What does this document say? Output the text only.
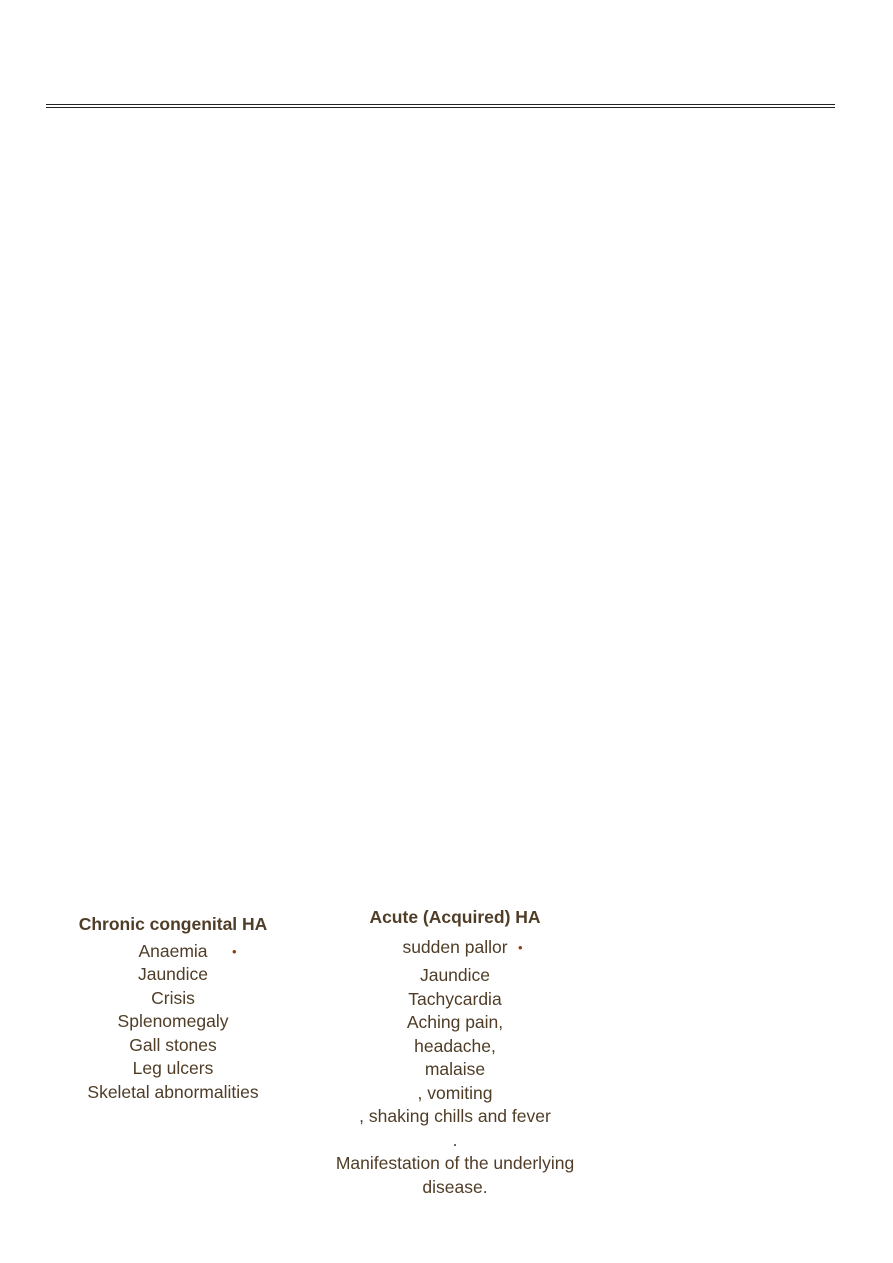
Chronic congenital HA
Anaemia •
Jaundice
Crisis
Splenomegaly
Gall stones
Leg ulcers
Skeletal abnormalities
Acute (Acquired) HA
sudden pallor •
Jaundice
Tachycardia
Aching pain,
headache,
malaise
, vomiting
, shaking chills and fever
.
Manifestation of the underlying
disease.
